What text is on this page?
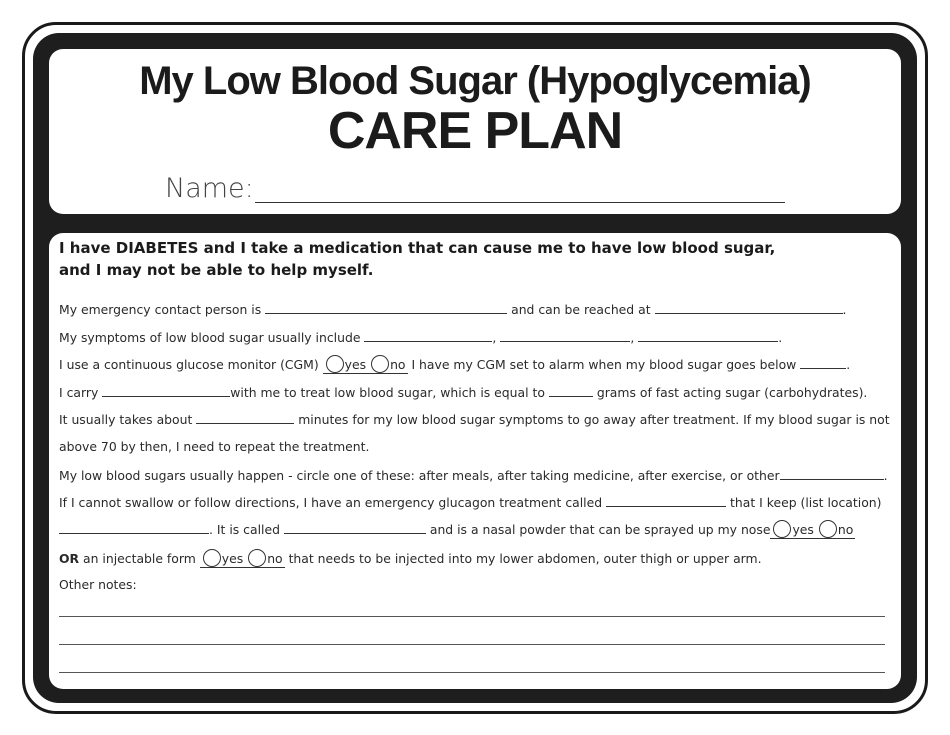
My Low Blood Sugar (Hypoglycemia)
CARE PLAN
Name:
I have DIABETES and I take a medication that can cause me to have low blood sugar,
and I may not be able to help myself.
My emergency contact person is	and can be reached at	.
My symptoms of low blood sugar usually include	,	,	.
I use a continuous glucose monitor (CGM) yes no I have my CGM set to alarm when my blood sugar goes below	.
I carry	with me to treat low blood sugar, which is equal to	grams of fast acting sugar (carbohydrates).
It usually takes about	minutes for my low blood sugar symptoms to go away after treatment. If my blood sugar is not
above 70 by then, I need to repeat the treatment.
My low blood sugars usually happen - circle one of these: after meals, after taking medicine, after exercise, or other	.
If I cannot swallow or follow directions, I have an emergency glucagon treatment called	that I keep (list location)
. It is called	and is a nasal powder that can be sprayed up my nose yes no
OR an injectable form yes no that needs to be injected into my lower abdomen, outer thigh or upper arm.
Other notes:
